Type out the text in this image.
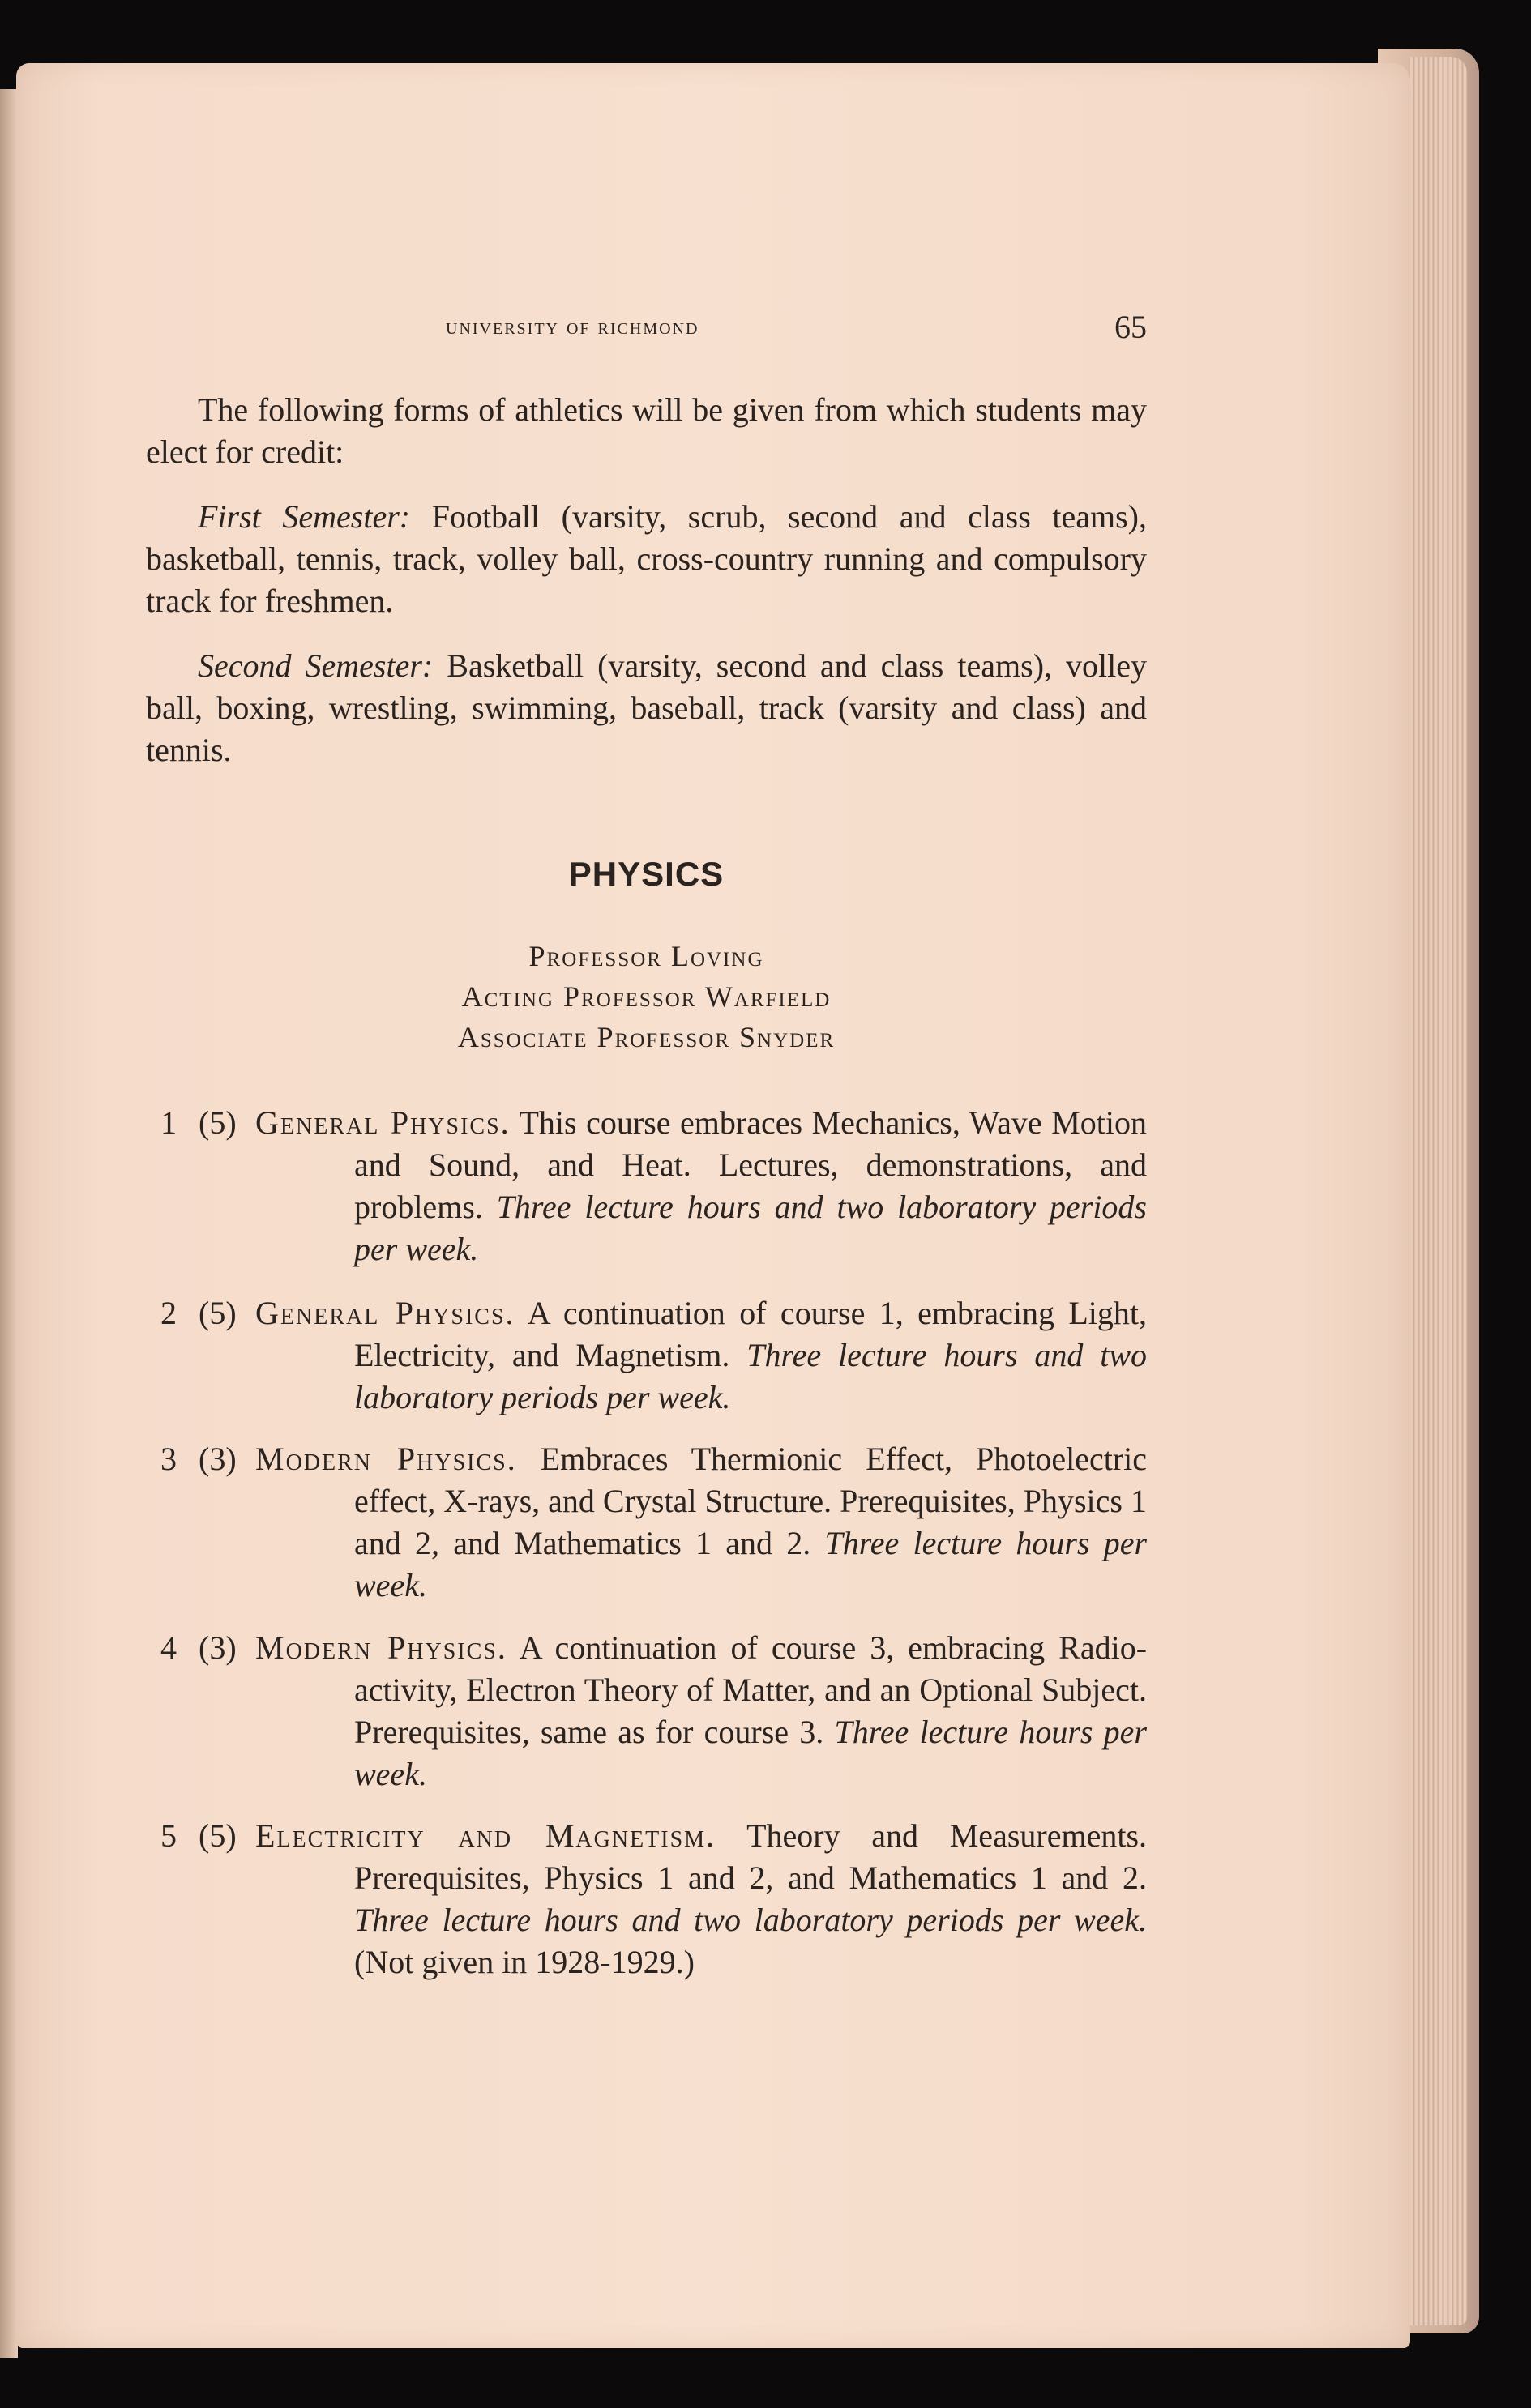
university of richmond	65

The following forms of athletics will be given from which students may elect for credit:

First Semester: Football (varsity, scrub, second and class teams), basketball, tennis, track, volley ball, cross-country running and compulsory track for freshmen.

Second Semester: Basketball (varsity, second and class teams), volley ball, boxing, wrestling, swimming, baseball, track (varsity and class) and tennis.

PHYSICS
Professor Loving
Acting Professor Warfield
Associate Professor Snyder
1 (5) General Physics. This course embraces Mechanics, Wave Motion and Sound, and Heat. Lectures, demonstrations, and problems. Three lecture hours and two laboratory periods per week.
2 (5) General Physics. A continuation of course 1, embracing Light, Electricity, and Magnetism. Three lecture hours and two laboratory periods per week.
3 (3) Modern Physics. Embraces Thermionic Effect, Photoelectric effect, X-rays, and Crystal Structure. Prerequisites, Physics 1 and 2, and Mathematics 1 and 2. Three lecture hours per week.
4 (3) Modern Physics. A continuation of course 3, embracing Radio-activity, Electron Theory of Matter, and an Optional Subject. Prerequisites, same as for course 3. Three lecture hours per week.
5 (5) Electricity and Magnetism. Theory and Measurements. Prerequisites, Physics 1 and 2, and Mathematics 1 and 2. Three lecture hours and two laboratory periods per week. (Not given in 1928-1929.)
